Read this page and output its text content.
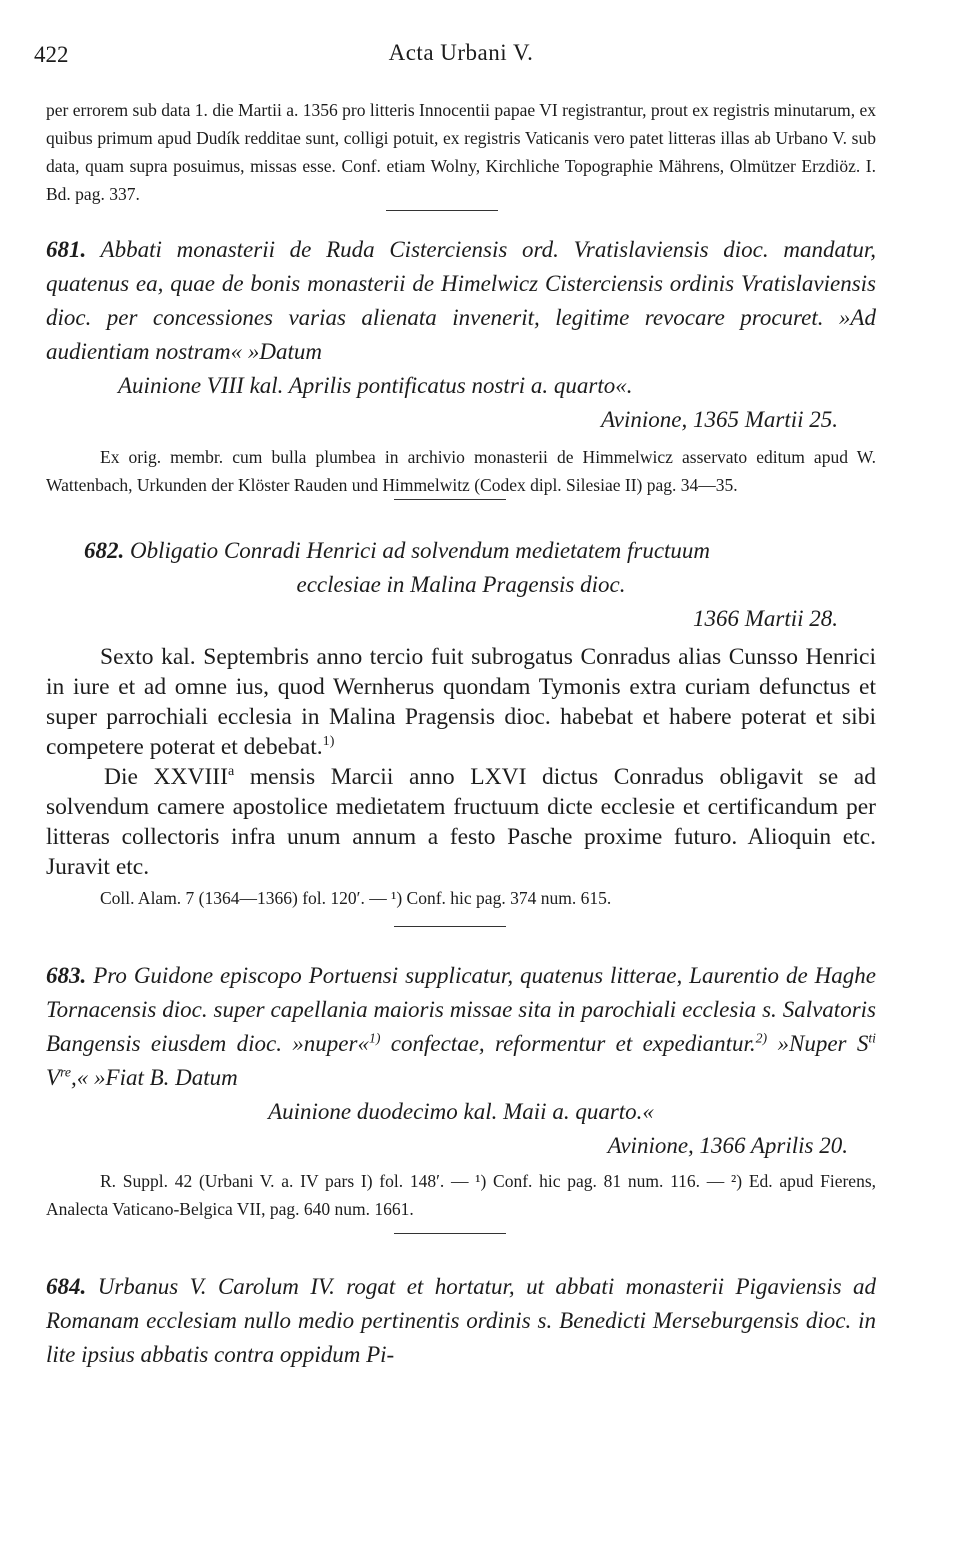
422	Acta Urbani V.
per errorem sub data 1. die Martii a. 1356 pro litteris Innocentii papae VI registrantur, prout ex registris minutarum, ex quibus primum apud Dudík redditae sunt, colligi potuit, ex registris Vaticanis vero patet litteras illas ab Urbano V. sub data, quam supra posuimus, missas esse. Conf. etiam Wolny, Kirchliche Topographie Mährens, Olmützer Erzdiöz. I. Bd. pag. 337.
681. Abbati monasterii de Ruda Cisterciensis ord. Vratislaviensis dioc. mandatur, quatenus ea, quae de bonis monasterii de Himelwicz Cisterciensis ordinis Vratislaviensis dioc. per concessiones varias alienata invenerit, legitime revocare procuret. »Ad audientiam nostram« »Datum
Auinione VIII kal. Aprilis pontificatus nostri a. quarto«.
Avinione, 1365 Martii 25.
Ex orig. membr. cum bulla plumbea in archivio monasterii de Himmelwicz asservato editum apud W. Wattenbach, Urkunden der Klöster Rauden und Himmelwitz (Codex dipl. Silesiae II) pag. 34—35.
682. Obligatio Conradi Henrici ad solvendum medietatem fructuum
ecclesiae in Malina Pragensis dioc.
1366 Martii 28.
Sexto kal. Septembris anno tercio fuit subrogatus Conradus alias Cunsso Henrici in iure et ad omne ius, quod Wernherus quondam Tymonis extra curiam defunctus et super parrochiali ecclesia in Malina Pragensis dioc. habebat et habere poterat et sibi competere poterat et debebat.$^{1)}$
Die XXVIII$^a$ mensis Marcii anno LXVI dictus Conradus obligavit se ad solvendum camere apostolice medietatem fructuum dicte ecclesie et certificandum per litteras collectoris infra unum annum a festo Pasche proxime futuro. Alioquin etc. Juravit etc.
Coll. Alam. 7 (1364—1366) fol. 120′. — ¹) Conf. hic pag. 374 num. 615.
683. Pro Guidone episcopo Portuensi supplicatur, quatenus litterae, Laurentio de Haghe Tornacensis dioc. super capellania maioris missae sita in parochiali ecclesia s. Salvatoris Bangensis eiusdem dioc. »nuper«$^{1)}$ confectae, reformentur et expediantur.$^{2)}$ »Nuper $S^{ti}$ Vre,« »Fiat B. Datum
Auinione duodecimo kal. Maii a. quarto.«
Avinione, 1366 Aprilis 20.
R. Suppl. 42 (Urbani V. a. IV pars I) fol. 148′. — ¹) Conf. hic pag. 81 num. 116. — ²) Ed. apud Fierens, Analecta Vaticano-Belgica VII, pag. 640 num. 1661.
684. Urbanus V. Carolum IV. rogat et hortatur, ut abbati monasterii Pigaviensis ad Romanam ecclesiam nullo medio pertinentis ordinis s. Benedicti Merseburgensis dioc. in lite ipsius abbatis contra oppidum Pi-
